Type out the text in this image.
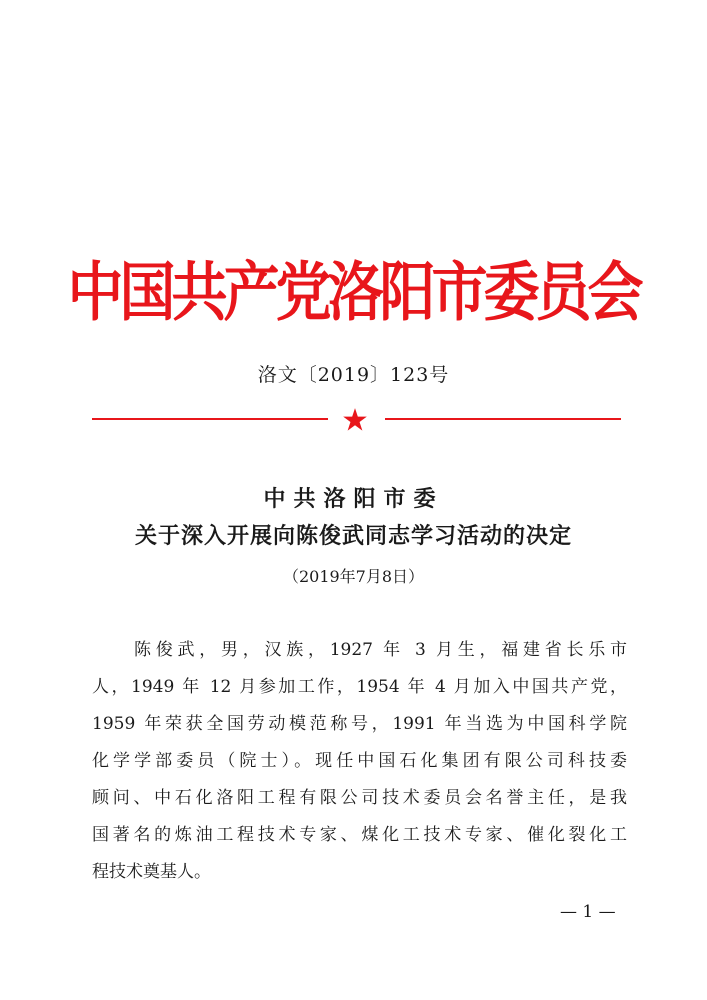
中国共产党洛阳市委员会
洛文〔2019〕123号
中共洛阳市委
关于深入开展向陈俊武同志学习活动的决定
（2019年7月8日）
陈俊武，男，汉族，1927 年 3 月生，福建省长乐市
人，1949 年 12 月参加工作，1954 年 4 月加入中国共产党，
1959 年荣获全国劳动模范称号，1991 年当选为中国科学院
化学学部委员（院士）。现任中国石化集团有限公司科技委
顾问、中石化洛阳工程有限公司技术委员会名誉主任，是我
国著名的炼油工程技术专家、煤化工技术专家、催化裂化工
程技术奠基人。
— 1 —
